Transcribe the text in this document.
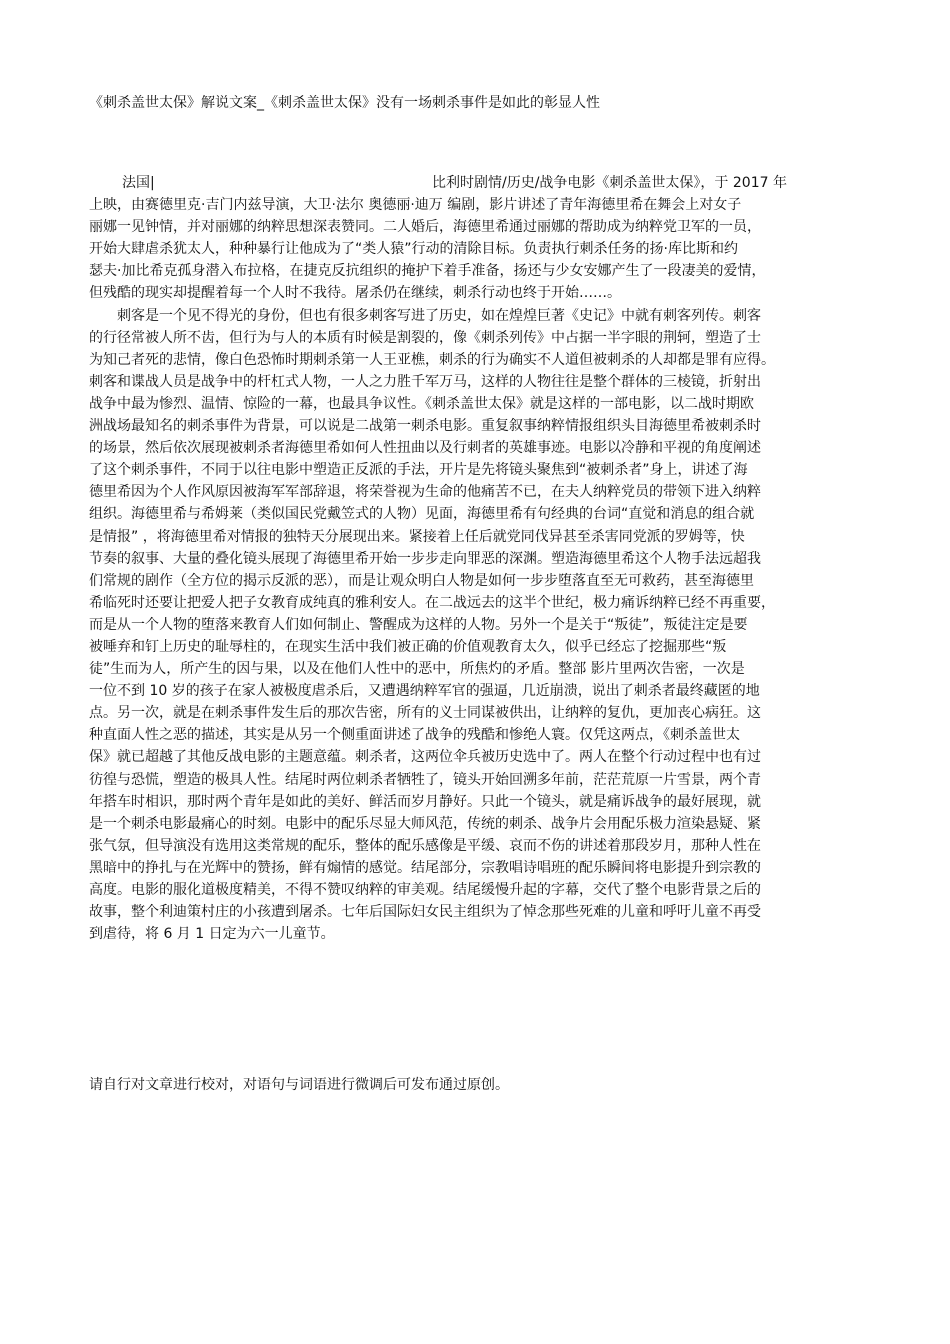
《刺杀盖世太保》解说文案_《刺杀盖世太保》没有一场刺杀事件是如此的彰显人性
法国|	比利时剧情/历史/战争电影《刺杀盖世太保》，于 2017 年
上映，由赛德里克·吉门内兹导演，大卫·法尔 奥德丽·迪万 编剧，影片讲述了青年海德里希在舞会上对女子
丽娜一见钟情，并对丽娜的纳粹思想深表赞同。二人婚后，海德里希通过丽娜的帮助成为纳粹党卫军的一员，
开始大肆虐杀犹太人，种种暴行让他成为了“类人猿”行动的清除目标。负责执行刺杀任务的扬·库比斯和约
瑟夫·加比希克孤身潜入布拉格，在捷克反抗组织的掩护下着手准备，扬还与少女安娜产生了一段凄美的爱情，
但残酷的现实却提醒着每一个人时不我待。屠杀仍在继续，刺杀行动也终于开始……。
　　刺客是一个见不得光的身份，但也有很多刺客写进了历史，如在煌煌巨著《史记》中就有刺客列传。刺客
的行径常被人所不齿，但行为与人的本质有时候是割裂的，像《刺杀列传》中占据一半字眼的荆轲，塑造了士
为知己者死的悲情，像白色恐怖时期刺杀第一人王亚樵，刺杀的行为确实不人道但被刺杀的人却都是罪有应得。
刺客和谍战人员是战争中的杆杠式人物，一人之力胜千军万马，这样的人物往往是整个群体的三棱镜，折射出
战争中最为惨烈、温情、惊险的一幕，也最具争议性。《刺杀盖世太保》就是这样的一部电影，以二战时期欧
洲战场最知名的刺杀事件为背景，可以说是二战第一刺杀电影。重复叙事纳粹情报组织头目海德里希被刺杀时
的场景，然后依次展现被刺杀者海德里希如何人性扭曲以及行刺者的英雄事迹。电影以冷静和平视的角度阐述
了这个刺杀事件，不同于以往电影中塑造正反派的手法，开片是先将镜头聚焦到“被刺杀者”身上，讲述了海
德里希因为个人作风原因被海军军部辞退，将荣誉视为生命的他痛苦不已，在夫人纳粹党员的带领下进入纳粹
组织。海德里希与希姆莱（类似国民党戴笠式的人物）见面，海德里希有句经典的台词“直觉和消息的组合就
是情报” ，将海德里希对情报的独特天分展现出来。紧接着上任后就党同伐异甚至杀害同党派的罗姆等，快
节奏的叙事、大量的叠化镜头展现了海德里希开始一步步走向罪恶的深渊。塑造海德里希这个人物手法远超我
们常规的剧作（全方位的揭示反派的恶），而是让观众明白人物是如何一步步堕落直至无可救药，甚至海德里
希临死时还要让把爱人把子女教育成纯真的雅利安人。在二战远去的这半个世纪，极力痛诉纳粹已经不再重要，
而是从一个人物的堕落来教育人们如何制止、警醒成为这样的人物。另外一个是关于“叛徒”，叛徒注定是要
被唾弃和钉上历史的耻辱柱的，在现实生活中我们被正确的价值观教育太久，似乎已经忘了挖掘那些“叛
徒”生而为人，所产生的因与果，以及在他们人性中的恶中，所焦灼的矛盾。整部 影片里两次告密，一次是
一位不到 10 岁的孩子在家人被极度虐杀后，又遭遇纳粹军官的强逼，几近崩溃，说出了刺杀者最终藏匿的地
点。另一次，就是在刺杀事件发生后的那次告密，所有的义士同谋被供出，让纳粹的复仇，更加丧心病狂。这
种直面人性之恶的描述，其实是从另一个侧重面讲述了战争的残酷和惨绝人寰。仅凭这两点，《刺杀盖世太
保》就已超越了其他反战电影的主题意蕴。刺杀者，这两位伞兵被历史选中了。两人在整个行动过程中也有过
彷徨与恐慌，塑造的极具人性。结尾时两位刺杀者牺牲了，镜头开始回溯多年前，茫茫荒原一片雪景，两个青
年搭车时相识，那时两个青年是如此的美好、鲜活而岁月静好。只此一个镜头，就是痛诉战争的最好展现，就
是一个刺杀电影最痛心的时刻。电影中的配乐尽显大师风范，传统的刺杀、战争片会用配乐极力渲染悬疑、紧
张气氛，但导演没有选用这类常规的配乐，整体的配乐感像是平缓、哀而不伤的讲述着那段岁月，那种人性在
黑暗中的挣扎与在光辉中的赞扬，鲜有煽情的感觉。结尾部分，宗教唱诗唱班的配乐瞬间将电影提升到宗教的
高度。电影的服化道极度精美，不得不赞叹纳粹的审美观。结尾缓慢升起的字幕，交代了整个电影背景之后的
故事，整个利迪策村庄的小孩遭到屠杀。七年后国际妇女民主组织为了悼念那些死难的儿童和呼吁儿童不再受
到虐待，将 6 月 1 日定为六一儿童节。
请自行对文章进行校对，对语句与词语进行微调后可发布通过原创。
